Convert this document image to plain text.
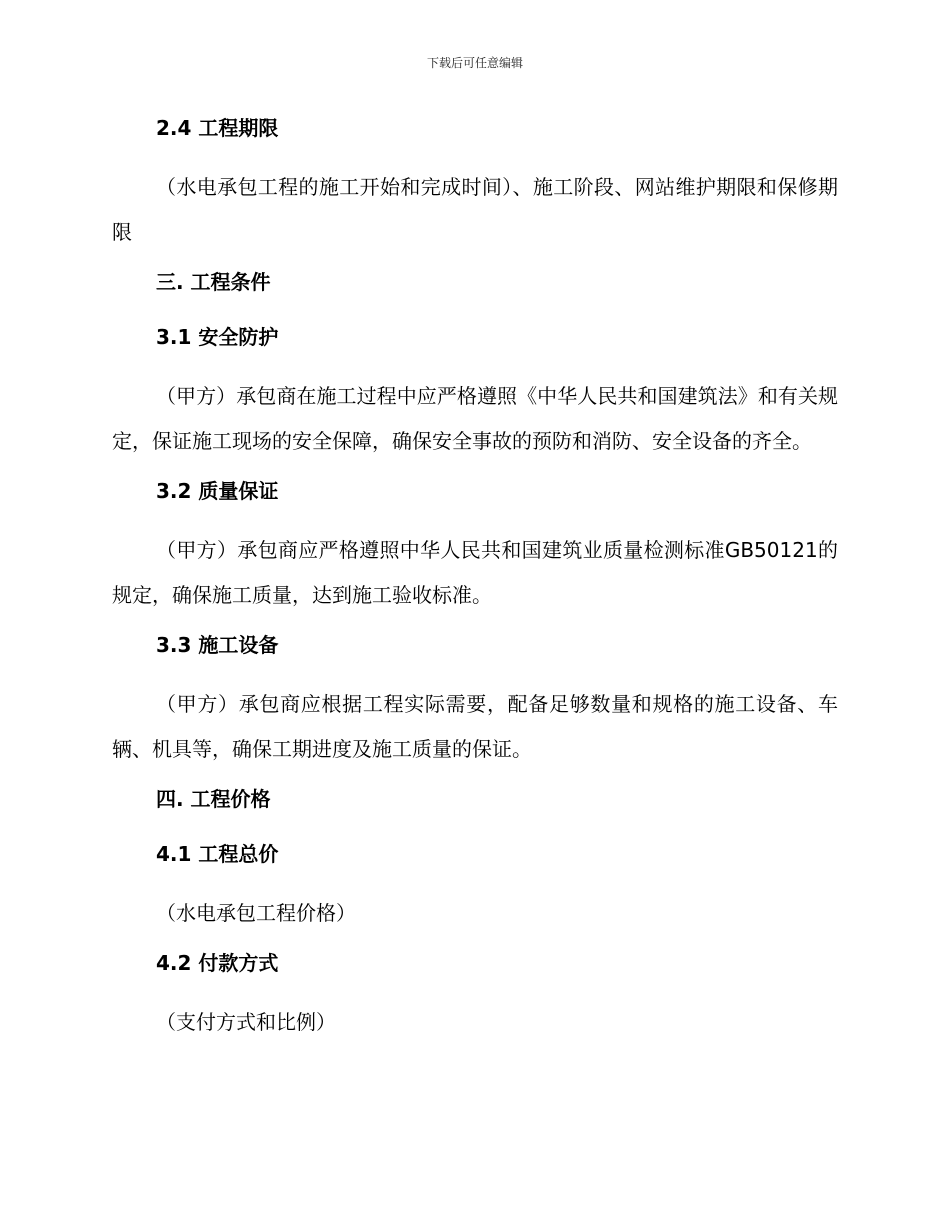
下载后可任意编辑
2.4 工程期限

（水电承包工程的施工开始和完成时间）、施工阶段、网站维护期限和保修期限

三. 工程条件
3.1 安全防护

（甲方）承包商在施工过程中应严格遵照《中华人民共和国建筑法》和有关规定，保证施工现场的安全保障，确保安全事故的预防和消防、安全设备的齐全。

3.2 质量保证

（甲方）承包商应严格遵照中华人民共和国建筑业质量检测标准GB50121的规定，确保施工质量，达到施工验收标准。

3.3 施工设备

（甲方）承包商应根据工程实际需要，配备足够数量和规格的施工设备、车辆、机具等，确保工期进度及施工质量的保证。

四. 工程价格
4.1 工程总价

（水电承包工程价格）

4.2 付款方式

（支付方式和比例）
